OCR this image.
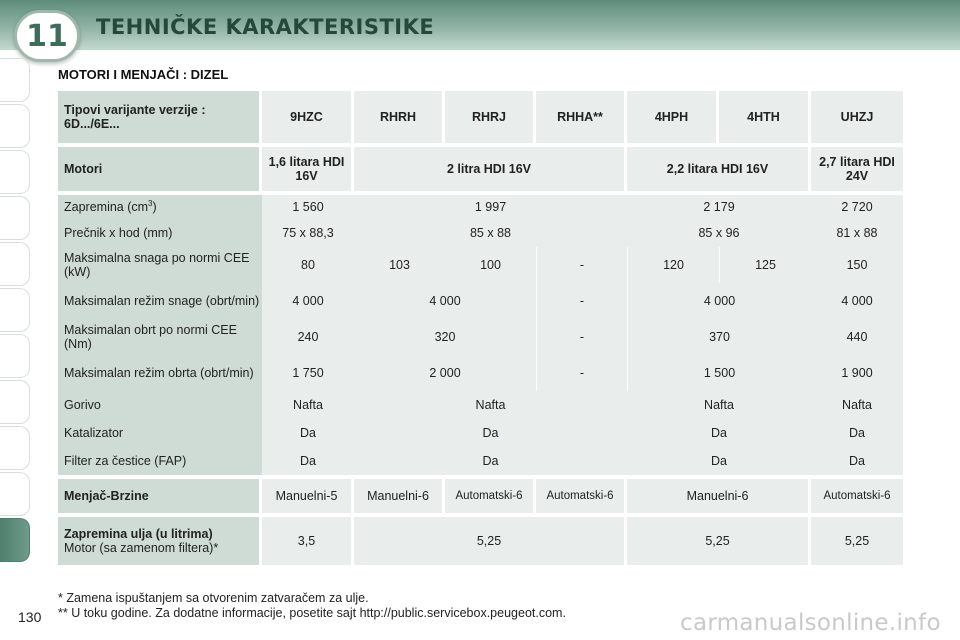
11	TEHNIČKE KARAKTERISTIKE
MOTORI I MENJAČI : DIZEL
Tipovi varijante verzije : 6D.../6E...	9HZC	RHRH	RHRJ	RHHA**	4HPH	4HTH	UHZJ
Motori	1,6 litara HDI 16V	2 litra HDI 16V			2,2 litara HDI 16V		2,7 litara HDI 24V
Zapremina $(cm^3)$	1 560	1 997			2 179		2 720
Prečnik x hod (mm)	75 x 88,3	85 x 88			85 x 96		81 x 88
Maksimalna snaga po normi CEE (kW)	80	103	100	-	120	125	150
Maksimalan režim snage (obrt/min)	4 000	4 000		-	4 000		4 000
Maksimalan obrt po normi CEE (Nm)	240	320		-	370		440
Maksimalan režim obrta (obrt/min)	1 750	2 000		-	1 500		1 900
Gorivo	Nafta	Nafta			Nafta		Nafta
Katalizator	Da	Da			Da		Da
Filter za čestice (FAP)	Da	Da			Da		Da
Menjač-Brzine	Manuelni-5	Manuelni-6	Automatski-6	Automatski-6	Manuelni-6		Automatski-6

Zapremina ulja (u litrima)
Motor (sa zamenom filtera)*	3,5	5,25			5,25		5,25
* Zamena ispuštanjem sa otvorenim zatvaračem za ulje.
** U toku godine. Za dodatne informacije, posetite sajt http://public.servicebox.peugeot.com.
130	carmanualsonline.info
